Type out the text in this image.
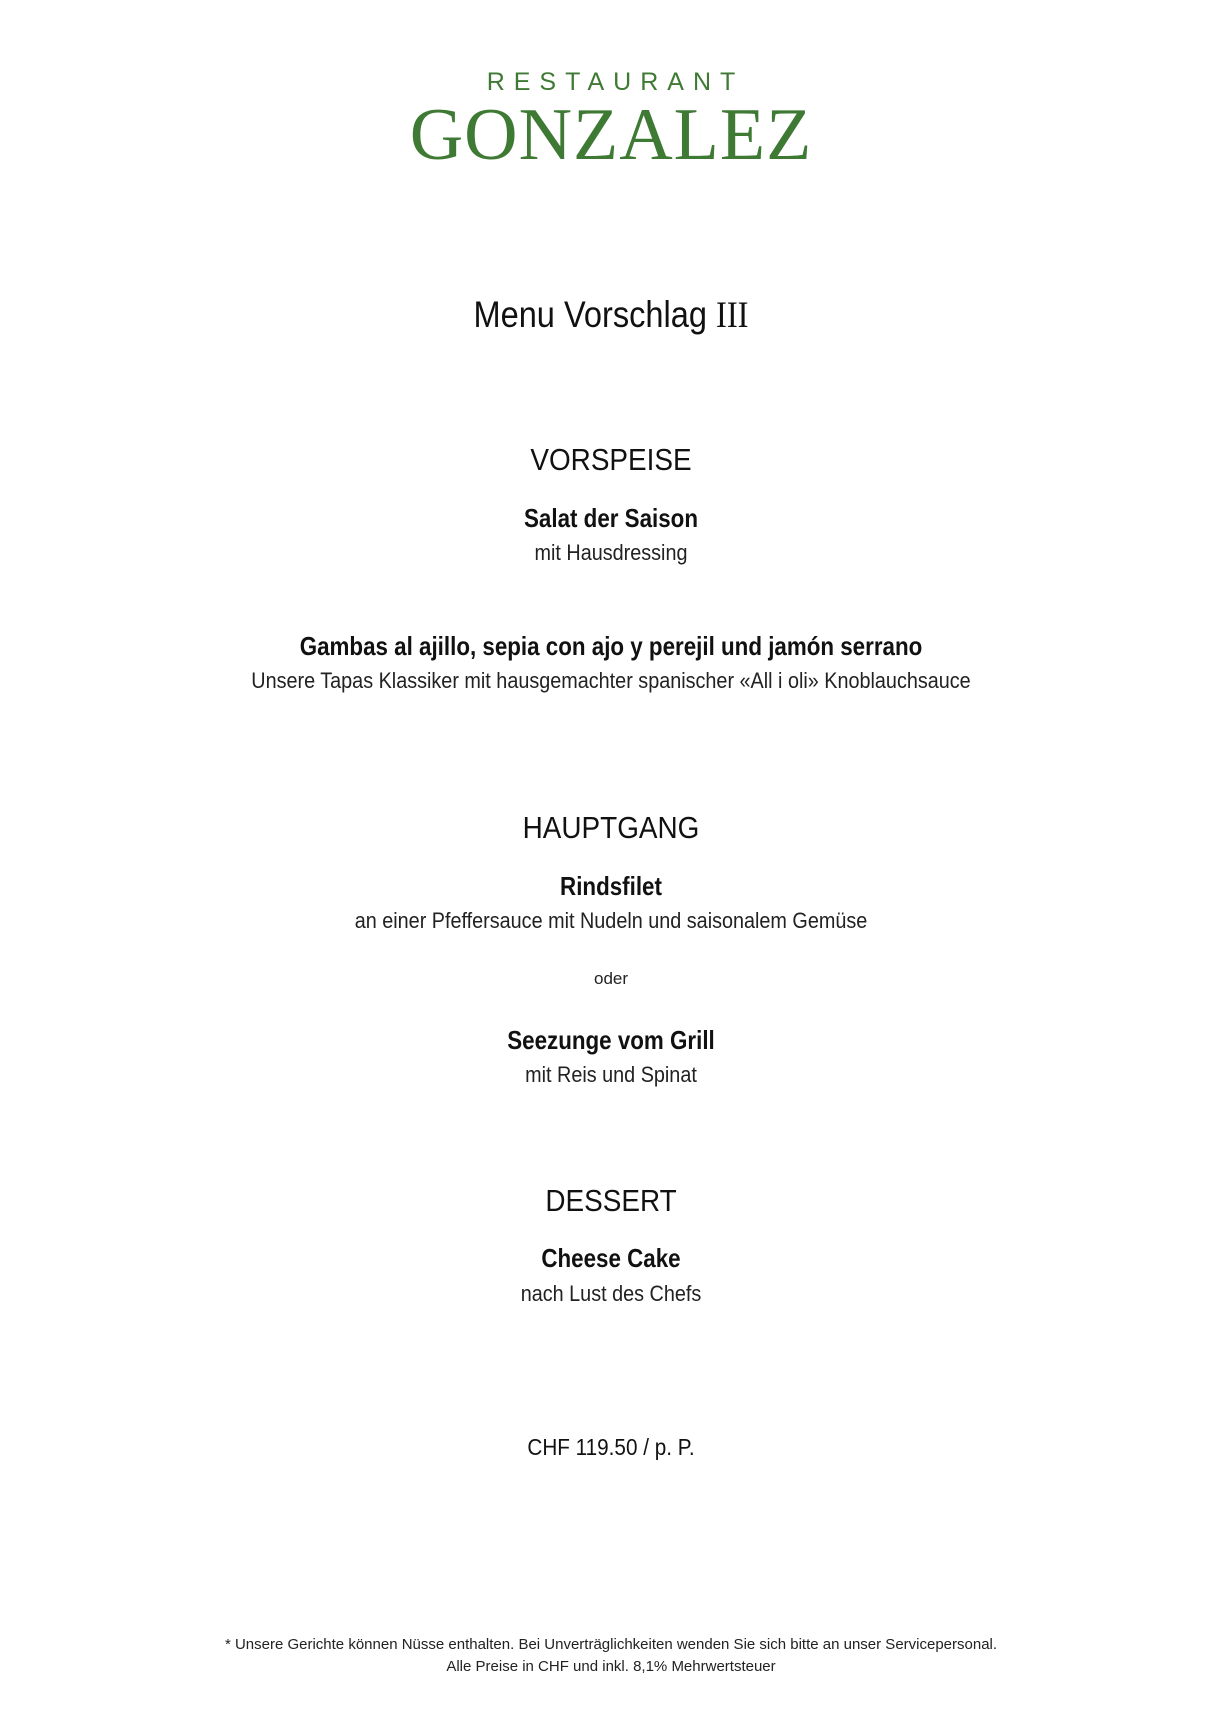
RESTAURANT
GONZALEZ
Menu Vorschlag III
VORSPEISE
Salat der Saison
mit Hausdressing
Gambas al ajillo, sepia con ajo y perejil und jamón serrano
Unsere Tapas Klassiker mit hausgemachter spanischer «All i oli» Knoblauchsauce
HAUPTGANG
Rindsfilet
an einer Pfeffersauce mit Nudeln und saisonalem Gemüse
oder
Seezunge vom Grill
mit Reis und Spinat
DESSERT
Cheese Cake
nach Lust des Chefs
CHF 119.50 / p. P.
* Unsere Gerichte können Nüsse enthalten. Bei Unverträglichkeiten wenden Sie sich bitte an unser Servicepersonal.
Alle Preise in CHF und inkl. 8,1% Mehrwertsteuer
